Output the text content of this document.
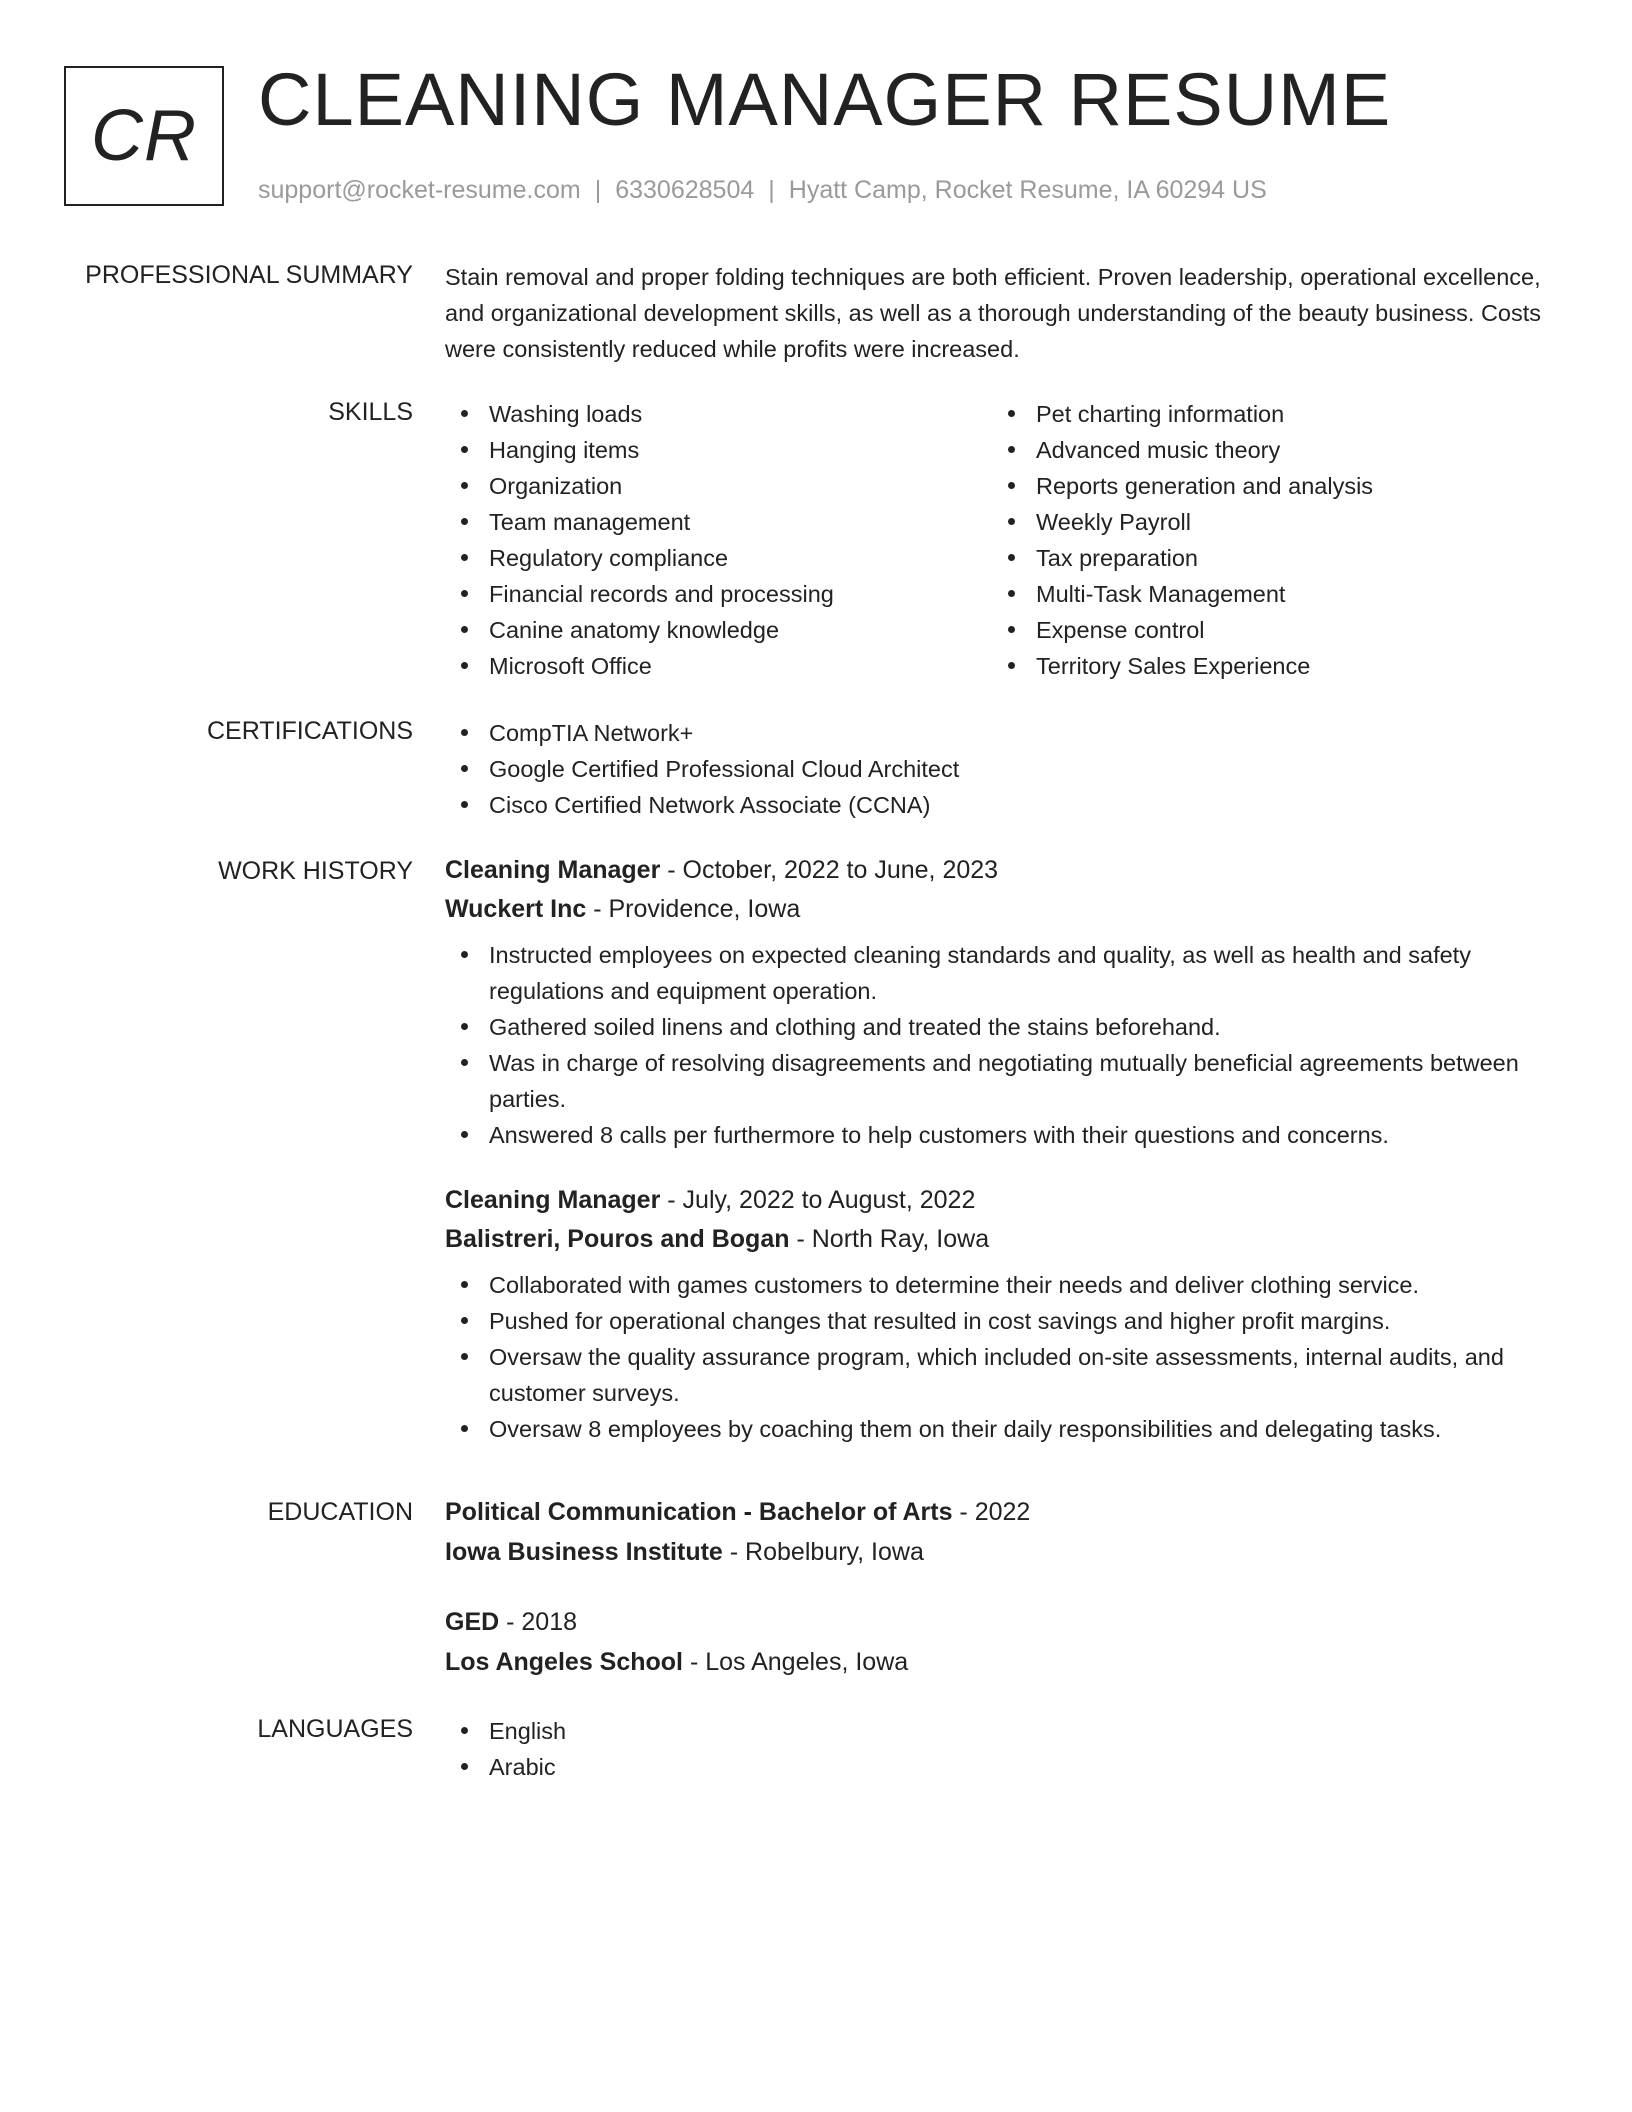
CR CLEANING MANAGER RESUME
support@rocket-resume.com | 6330628504 | Hyatt Camp, Rocket Resume, IA 60294 US
PROFESSIONAL SUMMARY Stain removal and proper folding techniques are both efficient. Proven leadership, operational excellence, and organizational development skills, as well as a thorough understanding of the beauty business. Costs were consistently reduced while profits were increased.

SKILLS	Washing loads
Hanging items
Organization
Team management
Regulatory compliance
Financial records and processing
Canine anatomy knowledge
Microsoft Office
Pet charting information
Advanced music theory
Reports generation and analysis
Weekly Payroll
Tax preparation
Multi-Task Management
Expense control
Territory Sales Experience
CERTIFICATIONS	CompTIA Network+
Google Certified Professional Cloud Architect
Cisco Certified Network Associate (CCNA)
WORK HISTORY Cleaning Manager - October, 2022 to June, 2023
Wuckert Inc - Providence, Iowa
Instructed employees on expected cleaning standards and quality, as well as health and safety regulations and equipment operation.
Gathered soiled linens and clothing and treated the stains beforehand.
Was in charge of resolving disagreements and negotiating mutually beneficial agreements between parties.
Answered 8 calls per furthermore to help customers with their questions and concerns.
Cleaning Manager - July, 2022 to August, 2022
Balistreri, Pouros and Bogan - North Ray, Iowa
Collaborated with games customers to determine their needs and deliver clothing service.
Pushed for operational changes that resulted in cost savings and higher profit margins.
Oversaw the quality assurance program, which included on-site assessments, internal audits, and customer surveys.
Oversaw 8 employees by coaching them on their daily responsibilities and delegating tasks.
EDUCATION Political Communication - Bachelor of Arts - 2022
Iowa Business Institute - Robelbury, Iowa
GED - 2018
Los Angeles School - Los Angeles, Iowa
LANGUAGES	English
Arabic
